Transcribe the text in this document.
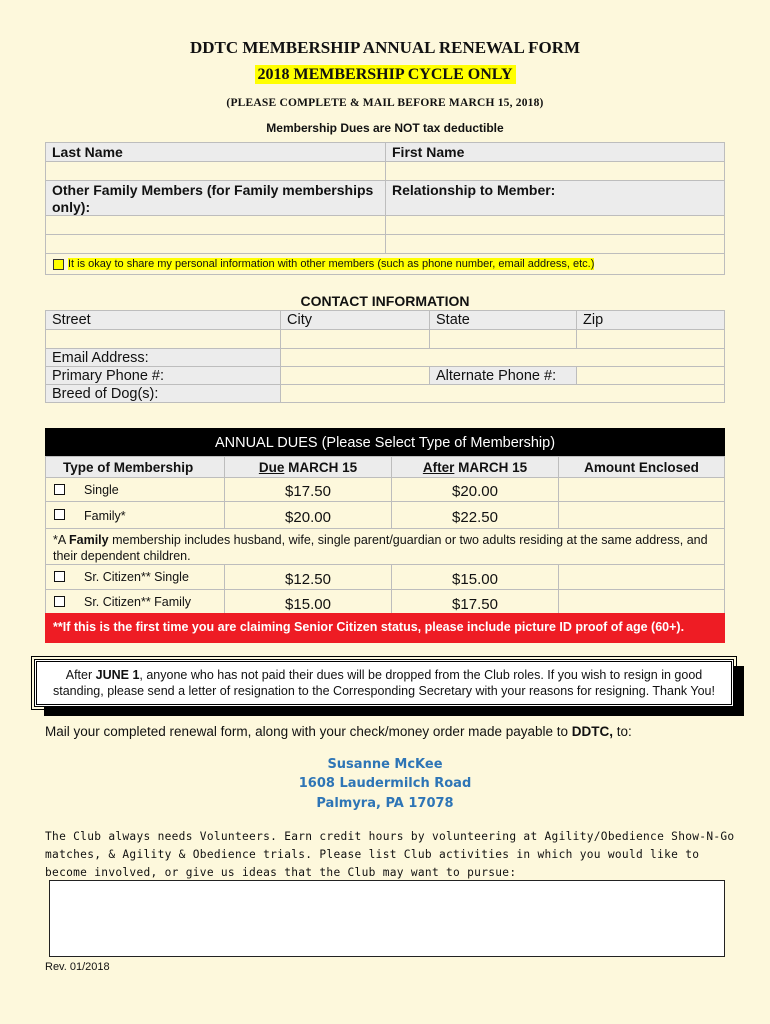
DDTC MEMBERSHIP ANNUAL RENEWAL FORM
2018 MEMBERSHIP CYCLE ONLY
(PLEASE COMPLETE & MAIL BEFORE MARCH 15, 2018)
Membership Dues are NOT tax deductible
Last Name	First Name
Other Family Members (for Family memberships only):
Relationship to Member:
It is okay to share my personal information with other members (such as phone number, email address, etc.)
CONTACT INFORMATION
Street	City	State	Zip
Email Address:
Primary Phone #:	Alternate Phone #:
Breed of Dog(s):
ANNUAL DUES (Please Select Type of Membership)
Type of Membership	Due MARCH 15	After MARCH 15	Amount Enclosed
Single	$17.50	$20.00
Family*	$20.00	$22.50
*A Family membership includes husband, wife, single parent/guardian or two adults residing at the same address, and their dependent children.
Sr. Citizen** Single	$12.50	$15.00
Sr. Citizen** Family	$15.00	$17.50
**If this is the first time you are claiming Senior Citizen status, please include picture ID proof of age (60+).
After JUNE 1, anyone who has not paid their dues will be dropped from the Club roles. If you wish to resign in good standing, please send a letter of resignation to the Corresponding Secretary with your reasons for resigning. Thank You!
Mail your completed renewal form, along with your check/money order made payable to DDTC, to:
Susanne McKee
1608 Laudermilch Road
Palmyra, PA 17078
The Club always needs Volunteers. Earn credit hours by volunteering at Agility/Obedience Show-N-Go matches, & Agility & Obedience trials. Please list Club activities in which you would like to become involved, or give us ideas that the Club may want to pursue:
Rev. 01/2018
